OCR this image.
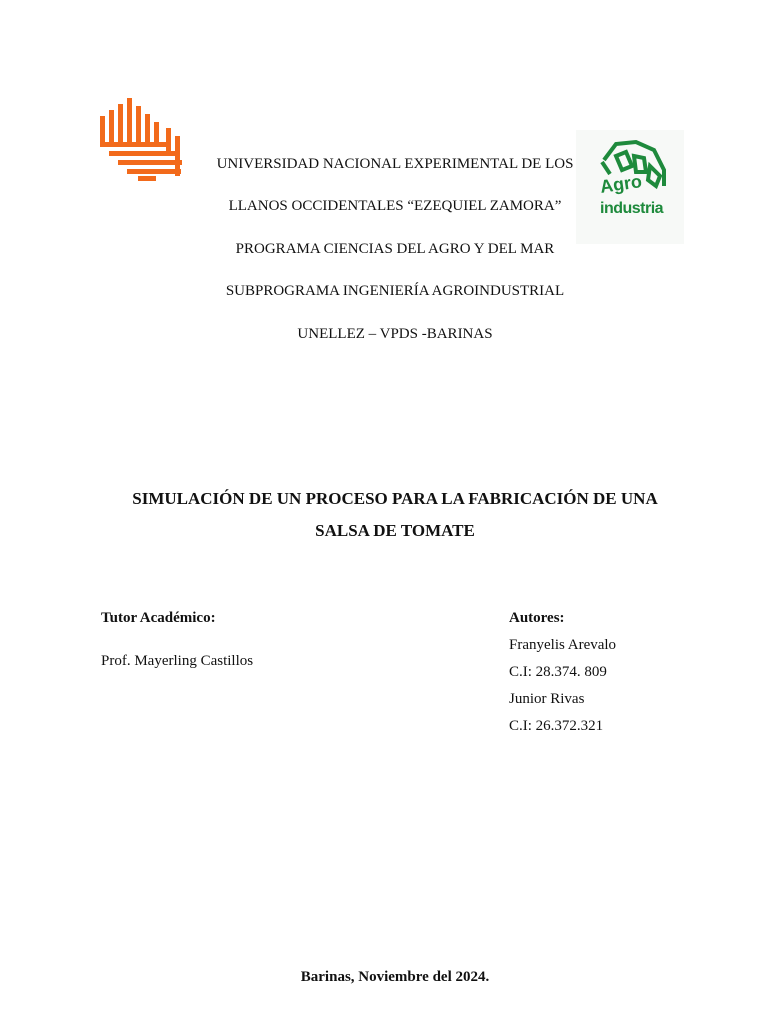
Agro
industria
UNIVERSIDAD NACIONAL EXPERIMENTAL DE LOS
LLANOS OCCIDENTALES “EZEQUIEL ZAMORA”
PROGRAMA CIENCIAS DEL AGRO Y DEL MAR
SUBPROGRAMA INGENIERÍA AGROINDUSTRIAL
UNELLEZ – VPDS -BARINAS
SIMULACIÓN DE UN PROCESO PARA LA FABRICACIÓN DE UNA
SALSA DE TOMATE
Tutor Académico:
Prof. Mayerling Castillos
Autores:
Franyelis Arevalo
C.I: 28.374. 809
Junior Rivas
C.I: 26.372.321
Barinas, Noviembre del 2024.
